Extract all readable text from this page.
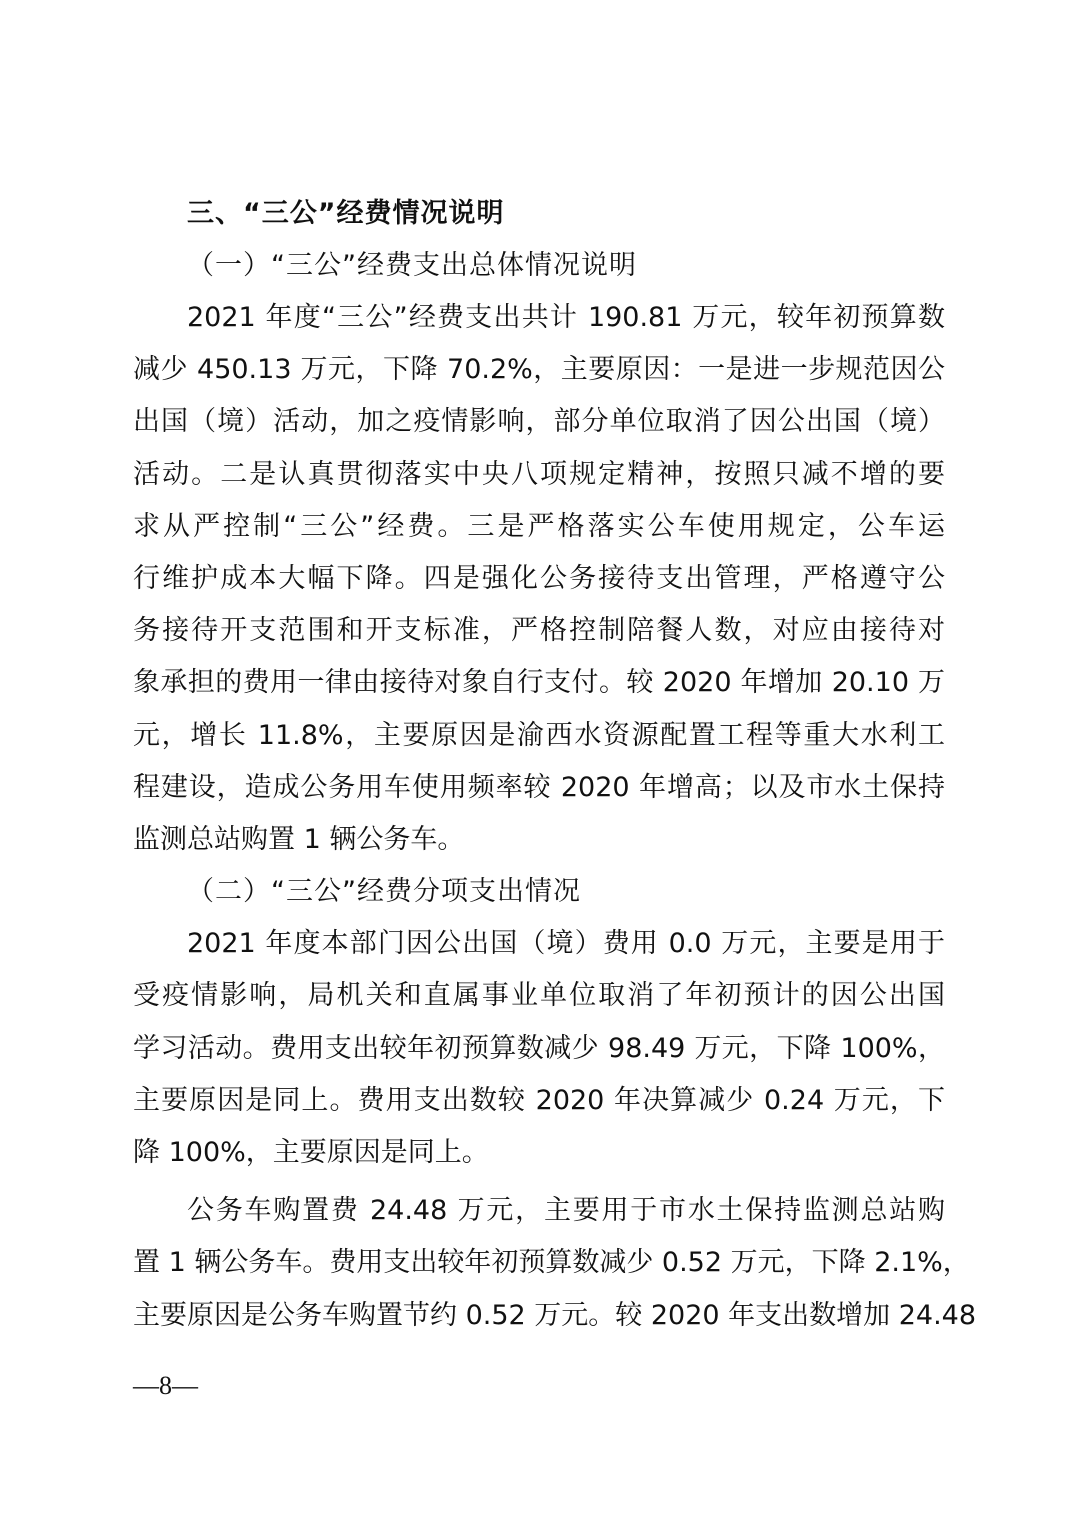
三、“三公”经费情况说明
（一）“三公”经费支出总体情况说明
2021 年度“三公”经费支出共计 190.81 万元，较年初预算数
减少 450.13 万元，下降 70.2%，主要原因：一是进一步规范因公
出国（境）活动，加之疫情影响，部分单位取消了因公出国（境）
活动。二是认真贯彻落实中央八项规定精神，按照只减不增的要
求从严控制“三公”经费。三是严格落实公车使用规定，公车运
行维护成本大幅下降。四是强化公务接待支出管理，严格遵守公
务接待开支范围和开支标准，严格控制陪餐人数，对应由接待对
象承担的费用一律由接待对象自行支付。较 2020 年增加 20.10 万
元，增长 11.8%，主要原因是渝西水资源配置工程等重大水利工
程建设，造成公务用车使用频率较 2020 年增高；以及市水土保持
监测总站购置 1 辆公务车。
（二）“三公”经费分项支出情况
2021 年度本部门因公出国（境）费用 0.0 万元，主要是用于
受疫情影响，局机关和直属事业单位取消了年初预计的因公出国
学习活动。费用支出较年初预算数减少 98.49 万元，下降 100%，
主要原因是同上。费用支出数较 2020 年决算减少 0.24 万元，下
降 100%，主要原因是同上。
公务车购置费 24.48 万元，主要用于市水土保持监测总站购
置 1 辆公务车。费用支出较年初预算数减少 0.52 万元，下降 2.1%，
主要原因是公务车购置节约 0.52 万元。较 2020 年支出数增加 24.48
—8—
